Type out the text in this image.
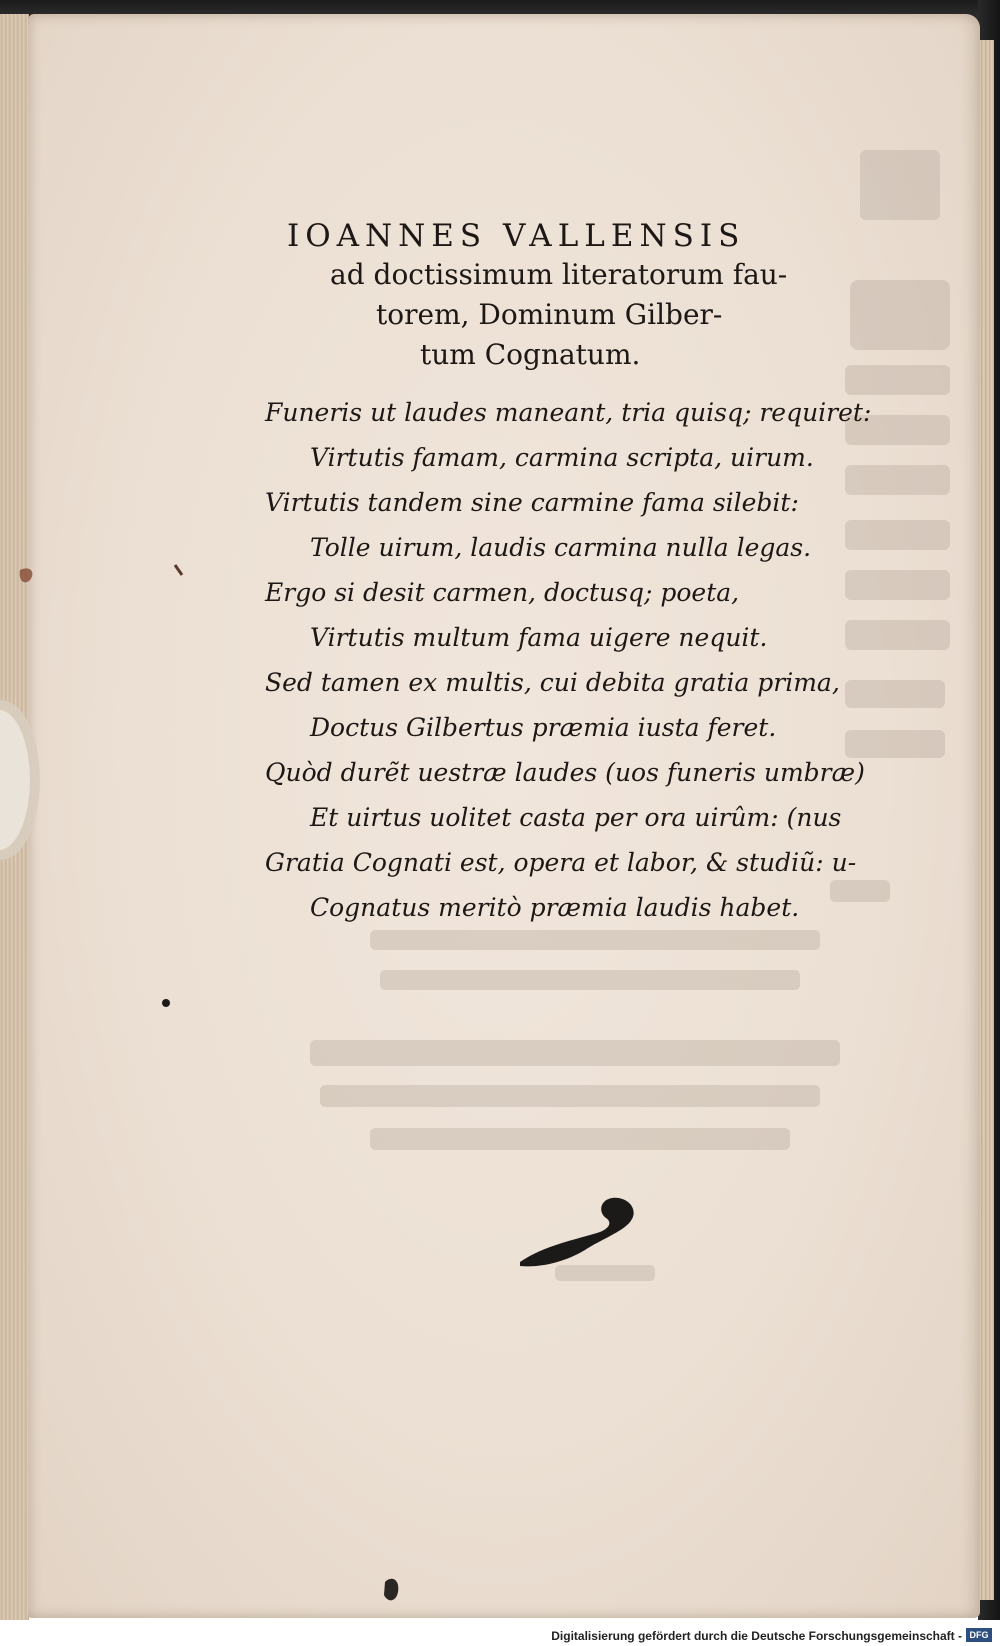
IOANNES VALLENSIS
ad doctissimum literatorum fau-
torem, Dominum Gilber-
tum Cognatum.
Funeris ut laudes maneant, tria quisq; requiret:
Virtutis famam, carmina scripta, uirum.
Virtutis tandem sine carmine fama silebit:
Tolle uirum, laudis carmina nulla legas.
Ergo si desit carmen, doctusq; poeta,
Virtutis multum fama uigere nequit.
Sed tamen ex multis, cui debita gratia prima,
Doctus Gilbertus præmia iusta feret.
Quòd durẽt uestræ laudes (uos funeris umbræ)
Et uirtus uolitet casta per ora uirûm: (nus
Gratia Cognati est, opera et labor, & studiũ: u-
Cognatus meritò præmia laudis habet.
Digitalisierung gefördert durch die Deutsche Forschungsgemeinschaft - DFG
